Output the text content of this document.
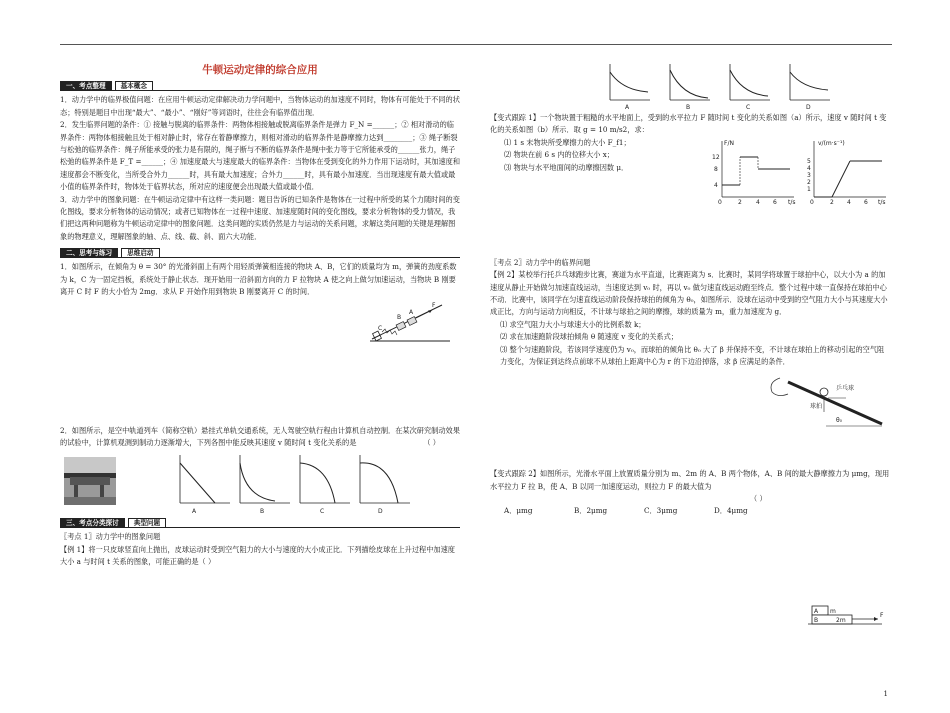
牛顿运动定律的综合应用
一、考点整理 基本概念

1．动力学中的临界极值问题：在应用牛顿运动定律解决动力学问题中，当物体运动的加速度不同时，物体有可能处于不同的状态；特别是题目中出现“最大”、“最小”、“刚好”等词语时，往往会有临界值出现．

2．发生临界问题的条件：① 接触与脱离的临界条件：两物体相接触或脱离临界条件是弹力 F_N =______；② 相对滑动的临界条件：两物体相接触且处于相对静止时，常存在着静摩擦力，则相对滑动的临界条件是静摩擦力达到________；③ 绳子断裂与松弛的临界条件：绳子所能承受的张力是有限的，绳子断与不断的临界条件是绳中张力等于它所能承受的______张力，绳子松弛的临界条件是 F_T =______；④ 加速度最大与速度最大的临界条件：当物体在受到变化的外力作用下运动时，其加速度和速度都会不断变化，当所受合外力______时，具有最大加速度；合外力______时，具有最小加速度．当出现速度有最大值或最小值的临界条件时，物体处于临界状态，所对应的速度便会出现最大值或最小值．

3．动力学中的图象问题：在牛顿运动定律中有这样一类问题：题目告诉的已知条件是物体在一过程中所受的某个力随时间的变化图线，要求分析物体的运动情况；或者已知物体在一过程中速度、加速度随时间的变化图线，要求分析物体的受力情况，我们把这两种问题称为牛顿运动定律中的图象问题．这类问题的实质仍然是力与运动的关系问题，求解这类问题的关键是理解图象的物理意义，理解图象的轴、点、线、截、斜、面六大功能．

二、思考与练习 思维启动

1．如图所示，在倾角为 θ = 30° 的光滑斜面上有两个用轻质弹簧相连接的物块 A、B，它们的质量均为 m，弹簧的劲度系数为 k，C 为一固定挡板，系统处于静止状态．现开始用一沿斜面方向的力 F 拉物块 A 使之向上做匀加速运动，当物块 B 刚要离开 C 时 F 的大小恰为 2mg．求从 F 开始作用到物块 B 刚要离开 C 的时间．

C
B
A
F

2．如图所示，是空中轨道列车（简称空轨）悬挂式单轨交通系统，无人驾驶空轨行程由计算机自动控制．在某次研究制动效果的试验中，计算机观测到制动力逐渐增大，下列各图中能反映其速度 v 随时间 t 变化关系的是	（ ）

A	B	C	D
三、考点分类探讨 典型问题

〖考点 1〗动力学中的图象问题

【例 1】将一只皮球竖直向上抛出，皮球运动时受到空气阻力的大小与速度的大小成正比．下列描绘皮球在上升过程中加速度大小 a 与时间 t 关系的图象，可能正确的是（ ）

A	B	C	D

【变式跟踪 1】一个物块置于粗糙的水平地面上，受到的水平拉力 F 随时间 t 变化的关系如图（a）所示，速度 v 随时间 t 变化的关系如图（b）所示．取 g = 10 m/s2，求：

⑴ 1 s 末物块所受摩擦力的大小 F_f1；

⑵ 物块在前 6 s 内的位移大小 x；

⑶ 物块与水平地面间的动摩擦因数 μ．

F/N
t/s
12
8
4
0	2 4 6
v/(m·s⁻¹)
t/s
5
4
3
2
1
0	2 4 6

〖考点 2〗动力学中的临界问题

【例 2】某校举行托乒乓球跑步比赛，赛道为水平直道，比赛距离为 s．比赛时，某同学将球置于球拍中心，以大小为 a 的加速度从静止开始做匀加速直线运动，当速度达到 v₀ 时，再以 v₀ 做匀速直线运动跑至终点．整个过程中球一直保持在球拍中心不动．比赛中，该同学在匀速直线运动阶段保持球拍的倾角为 θ₀，如图所示．设球在运动中受到的空气阻力大小与其速度大小成正比，方向与运动方向相反，不计球与球拍之间的摩擦，球的质量为 m，重力加速度为 g．

⑴ 求空气阻力大小与球速大小的比例系数 k；

⑵ 求在加速跑阶段球拍倾角 θ 随速度 v 变化的关系式；

⑶ 整个匀速跑阶段，若该同学速度仍为 v₀，而球拍的倾角比 θ₀ 大了 β 并保持不变，不计球在球拍上的移动引起的空气阻力变化，为保证到达终点前球不从球拍上距离中心为 r 的下边沿掉落，求 β 应满足的条件．

乒乓球
球拍
θ₀

【变式跟踪 2】如图所示，光滑水平面上放置质量分别为 m、2m 的 A、B 两个物体，A、B 间的最大静摩擦力为 μmg，现用水平拉力 F 拉 B，使 A、B 以同一加速度运动，则拉力 F 的最大值为

（ ）
A．μmg	B．2μmg	C．3μmg	D．4μmg
A m
B	2m
F
1
